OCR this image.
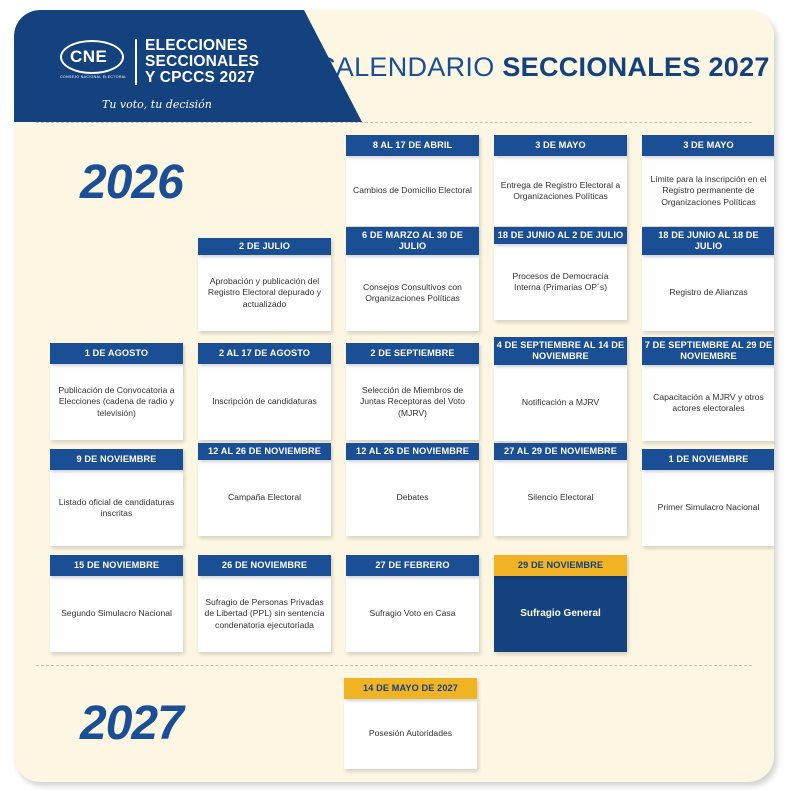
CNE
CONSEJO NACIONAL ELECTORAL
ELECCIONES
SECCIONALES
Y CPCCS 2027
Tu voto, tu decisión
CALENDARIO SECCIONALES 2027
2026
2027
8 AL 17 DE ABRIL
Cambios de Domicilio Electoral
3 DE MAYO
Entrega de Registro Electoral a Organizaciones Políticas
3 DE MAYO
Límite para la inscripción en el Registro permanente de Organizaciones Políticas
2 DE JULIO
Aprobación y publicación del Registro Electoral depurado y actualizado
6 DE MARZO AL 30 DE JULIO
Consejos Consultivos con Organizaciones Políticas
18 DE JUNIO AL 2 DE JULIO
Procesos de Democracia Interna (Primarias OP´s)
18 DE JUNIO AL 18 DE JULIO
Registro de Alianzas
1 DE AGOSTO
Publicación de Convocatoria a Elecciones (cadena de radio y televisión)
2 AL 17 DE AGOSTO
Inscripción de candidaturas
2 DE SEPTIEMBRE
Selección de Miembros de Juntas Receptoras del Voto (MJRV)
4 DE SEPTIEMBRE AL 14 DE NOVIEMBRE
Notificación a MJRV
7 DE SEPTIEMBRE AL 29 DE NOVIEMBRE
Capacitación a MJRV y otros actores electorales
9 DE NOVIEMBRE
Listado oficial de candidaturas inscritas
12 AL 26 DE NOVIEMBRE
Campaña Electoral
12 AL 26 DE NOVIEMBRE
Debates
27 AL 29 DE NOVIEMBRE
Silencio Electoral
1 DE NOVIEMBRE
Primer Simulacro Nacional
15 DE NOVIEMBRE
Segundo Simulacro Nacional
26 DE NOVIEMBRE
Sufragio de Personas Privadas de Libertad (PPL) sin sentencia condenatoria ejecutoriada
27 DE FEBRERO
Sufragio Voto en Casa
29 DE NOVIEMBRE
Sufragio General
14 DE MAYO DE 2027
Posesión Autoridades
